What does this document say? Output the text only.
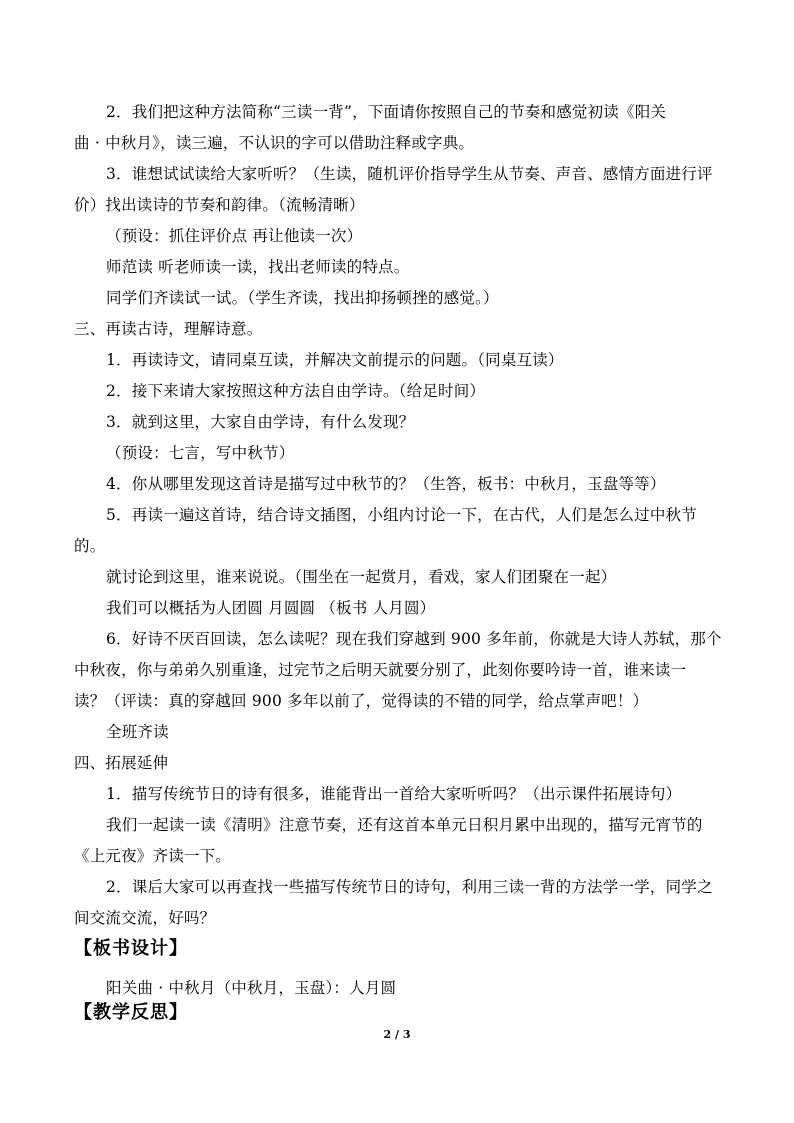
2．我们把这种方法简称“三读一背”，下面请你按照自己的节奏和感觉初读《阳关
曲 · 中秋月》，读三遍，不认识的字可以借助注释或字典。
3．谁想试试读给大家听听？（生读，随机评价指导学生从节奏、声音、感情方面进行评
价）找出读诗的节奏和韵律。（流畅清晰）
（预设：抓住评价点 再让他读一次）
师范读 听老师读一读，找出老师读的特点。
同学们齐读试一试。（学生齐读，找出抑扬顿挫的感觉。）
三、再读古诗，理解诗意。
1．再读诗文，请同桌互读，并解决文前提示的问题。（同桌互读）
2．接下来请大家按照这种方法自由学诗。（给足时间）
3．就到这里，大家自由学诗，有什么发现？
（预设：七言，写中秋节）
4．你从哪里发现这首诗是描写过中秋节的？（生答，板书：中秋月，玉盘等等）
5．再读一遍这首诗，结合诗文插图，小组内讨论一下，在古代，人们是怎么过中秋节
的。
就讨论到这里，谁来说说。（围坐在一起赏月，看戏，家人们团聚在一起）
我们可以概括为人团圆 月圆圆 （板书 人月圆）
6．好诗不厌百回读，怎么读呢？现在我们穿越到 900 多年前，你就是大诗人苏轼，那个
中秋夜，你与弟弟久别重逢，过完节之后明天就要分别了，此刻你要吟诗一首，谁来读一
读？（评读：真的穿越回 900 多年以前了，觉得读的不错的同学，给点掌声吧！）
全班齐读
四、拓展延伸
1．描写传统节日的诗有很多，谁能背出一首给大家听听吗？（出示课件拓展诗句）
我们一起读一读《清明》注意节奏，还有这首本单元日积月累中出现的，描写元宵节的
《上元夜》齐读一下。
2．课后大家可以再查找一些描写传统节日的诗句，利用三读一背的方法学一学，同学之
间交流交流，好吗？
【板书设计】
阳关曲 · 中秋月（中秋月，玉盘）：人月圆
【教学反思】
2 / 3
